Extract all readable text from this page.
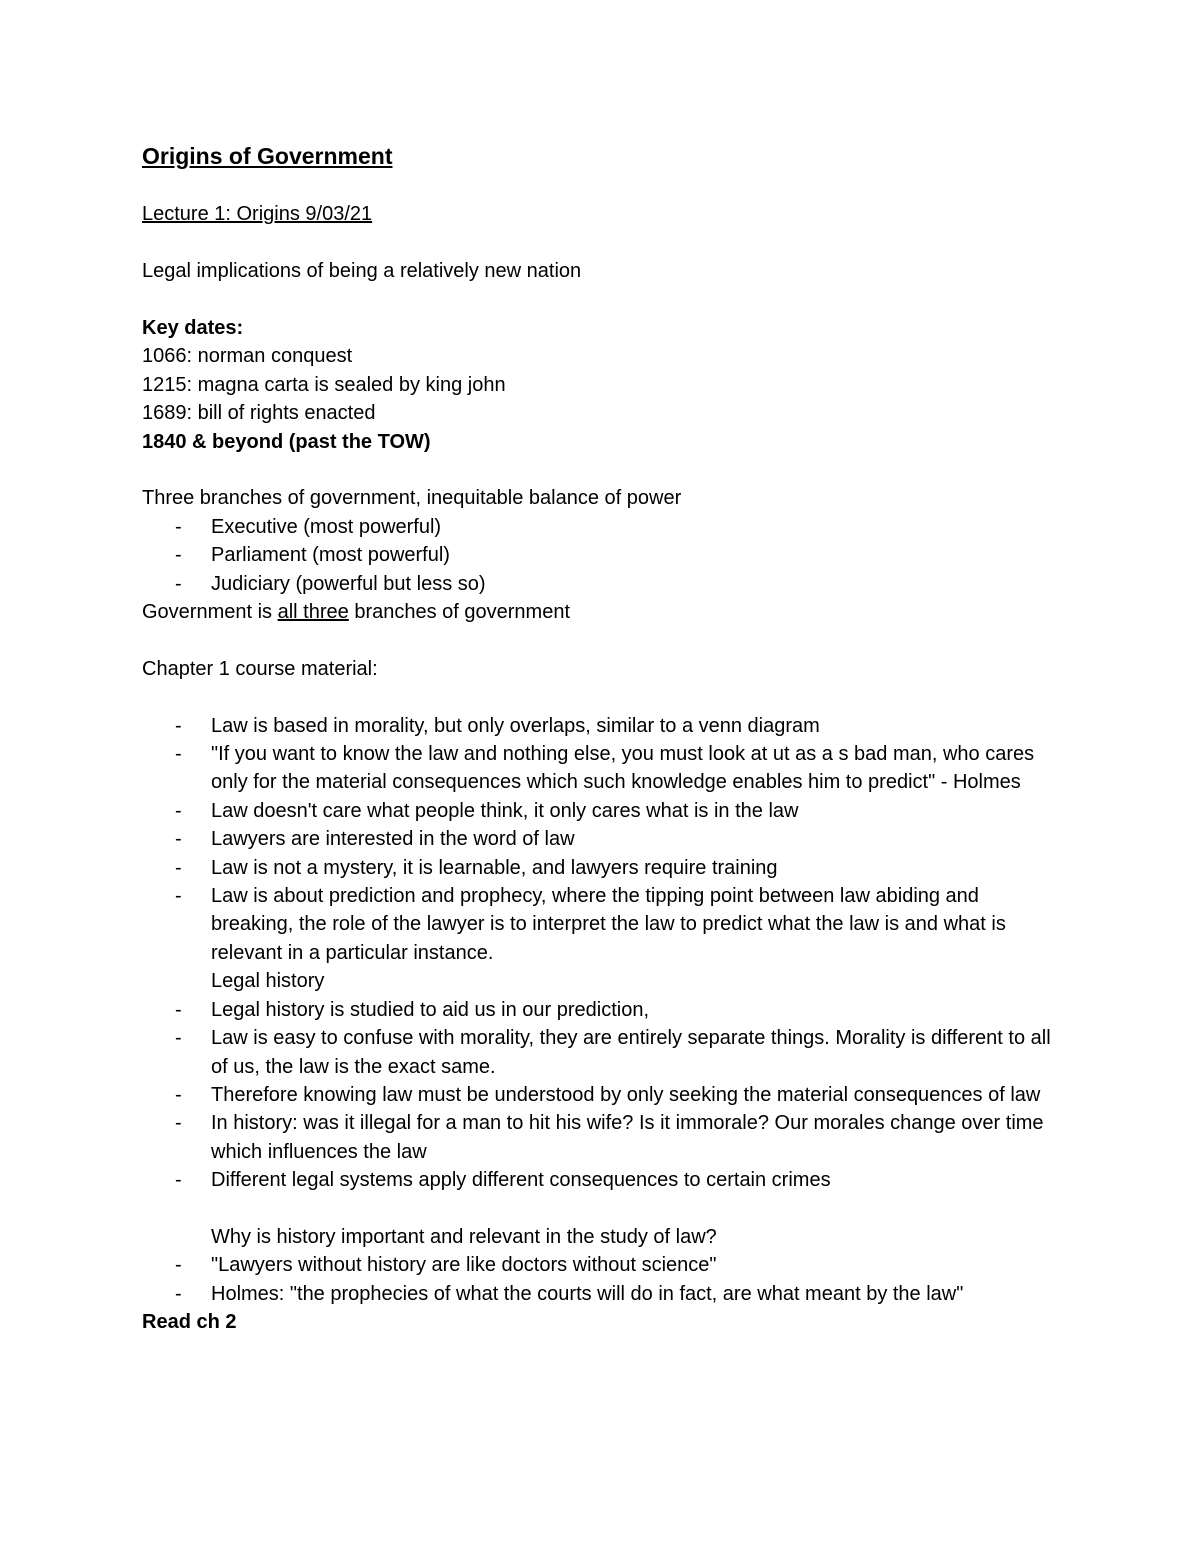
Origins of Government

Lecture 1: Origins 9/03/21

Legal implications of being a relatively new nation

Key dates:

1066: norman conquest

1215: magna carta is sealed by king john

1689: bill of rights enacted

1840 & beyond (past the TOW)

Three branches of government, inequitable balance of power

- Executive (most powerful)
- Parliament (most powerful)
- Judiciary (powerful but less so)

Government is all three branches of government

Chapter 1 course material:

- Law is based in morality, but only overlaps, similar to a venn diagram
- "If you want to know the law and nothing else, you must look at ut as a s bad man, who cares only for the material consequences which such knowledge enables him to predict" - Holmes
- Law doesn't care what people think, it only cares what is in the law
- Lawyers are interested in the word of law
- Law is not a mystery, it is learnable, and lawyers require training
- Law is about prediction and prophecy, where the tipping point between law abiding and breaking, the role of the lawyer is to interpret the law to predict what the law is and what is relevant in a particular instance.

Legal history

- Legal history is studied to aid us in our prediction,
- Law is easy to confuse with morality, they are entirely separate things. Morality is different to all of us, the law is the exact same.
- Therefore knowing law must be understood by only seeking the material consequences of law
- In history: was it illegal for a man to hit his wife? Is it immorale? Our morales change over time which influences the law
- Different legal systems apply different consequences to certain crimes

Why is history important and relevant in the study of law?

- "Lawyers without history are like doctors without science"
- Holmes: "the prophecies of what the courts will do in fact, are what meant by the law"

Read ch 2
